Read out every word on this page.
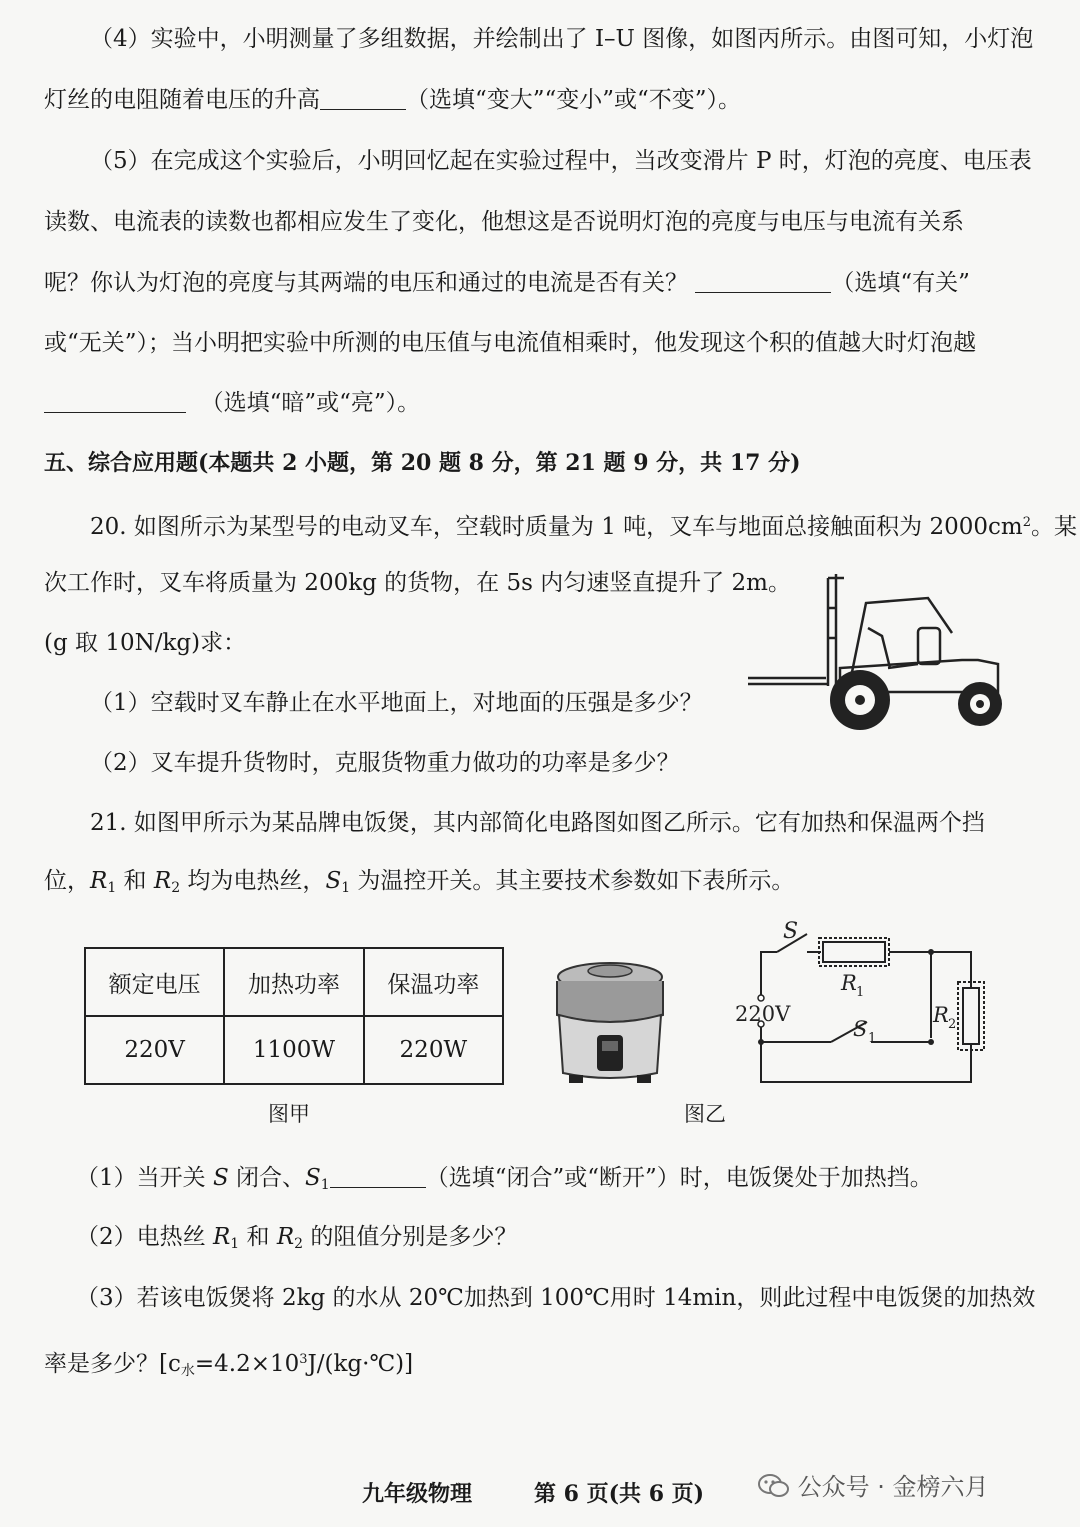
（4）实验中，小明测量了多组数据，并绘制出了 I–U 图像，如图丙所示。由图可知，小灯泡
灯丝的电阻随着电压的升高	（选填“变大”“变小”或“不变”）。
（5）在完成这个实验后，小明回忆起在实验过程中，当改变滑片 P 时，灯泡的亮度、电压表
读数、电流表的读数也都相应发生了变化，他想这是否说明灯泡的亮度与电压与电流有关系
呢？你认为灯泡的亮度与其两端的电压和通过的电流是否有关？	（选填“有关”
或“无关”）；当小明把实验中所测的电压值与电流值相乘时，他发现这个积的值越大时灯泡越
（选填“暗”或“亮”）。
五、综合应用题(本题共 2 小题，第 20 题 8 分，第 21 题 9 分，共 17 分)
20. 如图所示为某型号的电动叉车，空载时质量为 1 吨，叉车与地面总接触面积为 $2000cm^2$。某
次工作时，叉车将质量为 200kg 的货物，在 5s 内匀速竖直提升了 2m。
(g 取 10N/kg)求：
（1）空载时叉车静止在水平地面上，对地面的压强是多少？
（2）叉车提升货物时，克服货物重力做功的功率是多少？
21. 如图甲所示为某品牌电饭煲，其内部简化电路图如图乙所示。它有加热和保温两个挡
位，$R_1$ 和 $R_2$ 均为电热丝，$S_1$ 为温控开关。其主要技术参数如下表所示。
额定电压	加热功率	保温功率
220V	1100W	220W
S
R 1
220V
S 1
R 2
图甲	图乙
（1）当开关 S 闭合、$S_1$	（选填“闭合”或“断开”）时，电饭煲处于加热挡。
（2）电热丝 $R_1$ 和 $R_2$ 的阻值分别是多少？
（3）若该电饭煲将 2kg 的水从 20℃加热到 100℃用时 14min，则此过程中电饭煲的加热效
率是多少？$[c_水=4.2\times 10^3J/(kg\cdot℃)]$
九年级物理	第 6 页(共 6 页)	公众号 · 金榜六月
